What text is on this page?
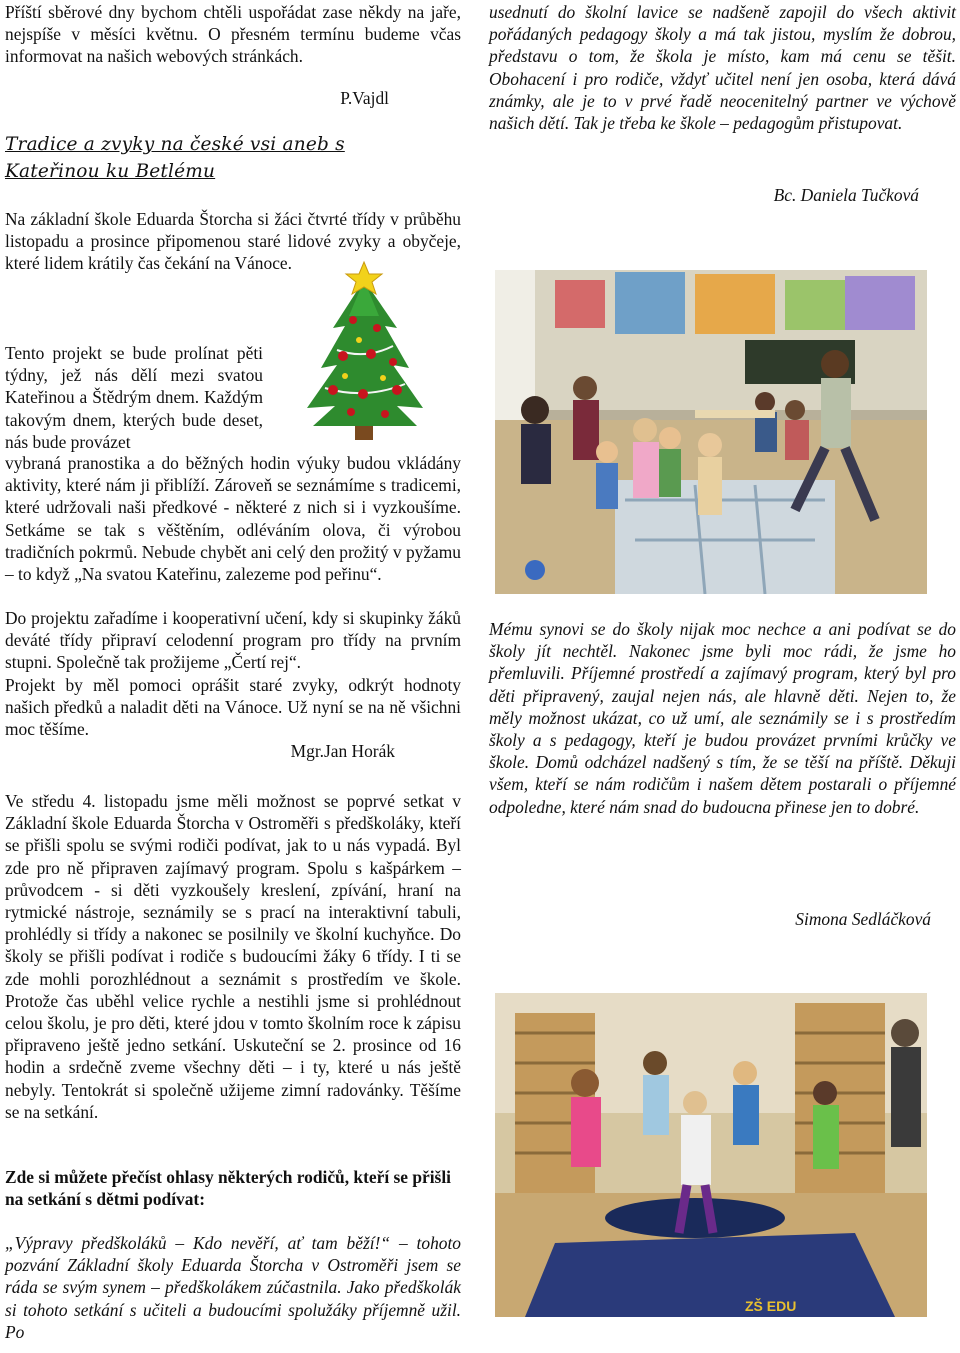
Příští sběrové dny bychom chtěli uspořádat zase někdy na jaře, nejspíše v měsíci květnu. O přesném termínu budeme včas informovat na našich webových stránkách.

P.Vajdl

Tradice a zvyky na české vsi aneb s Kateřinou ku Betlému

Na základní škole Eduarda Štorcha si žáci čtvrté třídy v průběhu listopadu a prosince připomenou staré lidové zvyky a obyčeje, které lidem krátily čas čekání na Vánoce.

Tento projekt se bude prolínat pěti týdny, jež nás dělí mezi svatou Kateřinou a Štědrým dnem. Každým takovým dnem, kterých bude deset, nás bude provázet

vybraná pranostika a do běžných hodin výuky budou vkládány aktivity, které nám ji přiblíží. Zároveň se seznámíme s tradicemi, které udržovali naši předkové - některé z nich si i vyzkoušíme. Setkáme se tak s věštěním, odléváním olova, či výrobou tradičních pokrmů. Nebude chybět ani celý den prožitý v pyžamu – to když „Na svatou Kateřinu, zalezeme pod peřinu“.

Do projektu zařadíme i kooperativní učení, kdy si skupinky žáků deváté třídy připraví celodenní program pro třídy na prvním stupni. Společně tak prožijeme „Čertí rej“.

Projekt by měl pomoci oprášit staré zvyky, odkrýt hodnoty našich předků a naladit děti na Vánoce. Už nyní se na ně všichni moc těšíme.

Mgr.Jan Horák

Ve středu 4. listopadu jsme měli možnost se poprvé setkat v Základní škole Eduarda Štorcha v Ostroměři s předškoláky, kteří se přišli spolu se svými rodiči podívat, jak to u nás vypadá. Byl zde pro ně připraven zajímavý program. Spolu s kašpárkem – průvodcem - si děti vyzkoušely kreslení, zpívání, hraní na rytmické nástroje, seznámily se s prací na interaktivní tabuli, prohlédly si třídy a nakonec se posilnily ve školní kuchyňce. Do školy se přišli podívat i rodiče s budoucími žáky 6 třídy. I ti se zde mohli porozhlédnout a seznámit s prostředím ve škole. Protože čas uběhl velice rychle a nestihli jsme si prohlédnout celou školu, je pro děti, které jdou v tomto školním roce k zápisu připraveno ještě jedno setkání. Uskuteční se 2. prosince od 16 hodin a srdečně zveme všechny děti – i ty, které u nás ještě nebyly. Tentokrát si společně užijeme zimní radovánky. Těšíme se na setkání.

Zde si můžete přečíst ohlasy některých rodičů, kteří se přišli na setkání s dětmi podívat:

„Výpravy předškoláků – Kdo nevěří, ať tam běží!“ – tohoto pozvání Základní školy Eduarda Štorcha v Ostroměři jsem se ráda se svým synem – předškolákem zúčastnila. Jako předškolák si tohoto setkání s učiteli a budoucími spolužáky příjemně užil. Po

usednutí do školní lavice se nadšeně zapojil do všech aktivit pořádaných pedagogy školy a má tak jistou, myslím že dobrou, představu o tom, že škola je místo, kam má cenu se těšit. Obohacení i pro rodiče, vždyť učitel není jen osoba, která dává známky, ale je to v prvé řadě neocenitelný partner ve výchově našich dětí. Tak je třeba ke škole – pedagogům přistupovat.

Bc. Daniela Tučková

Mému synovi se do školy nijak moc nechce a ani podívat se do školy jít nechtěl. Nakonec jsme byli moc rádi, že jsme ho přemluvili. Příjemné prostředí a zajímavý program, který byl pro děti připravený, zaujal nejen nás, ale hlavně děti. Nejen to, že měly možnost ukázat, co už umí, ale seznámily se i s prostředím školy a s pedagogy, kteří je budou provázet prvními krůčky ve škole. Domů odcházel nadšený s tím, že se těší na příště. Děkuji všem, kteří se nám rodičům i našem dětem postarali o příjemné odpoledne, které nám snad do budoucna přinese jen to dobré.

Simona Sedláčková

ZŠ EDU
